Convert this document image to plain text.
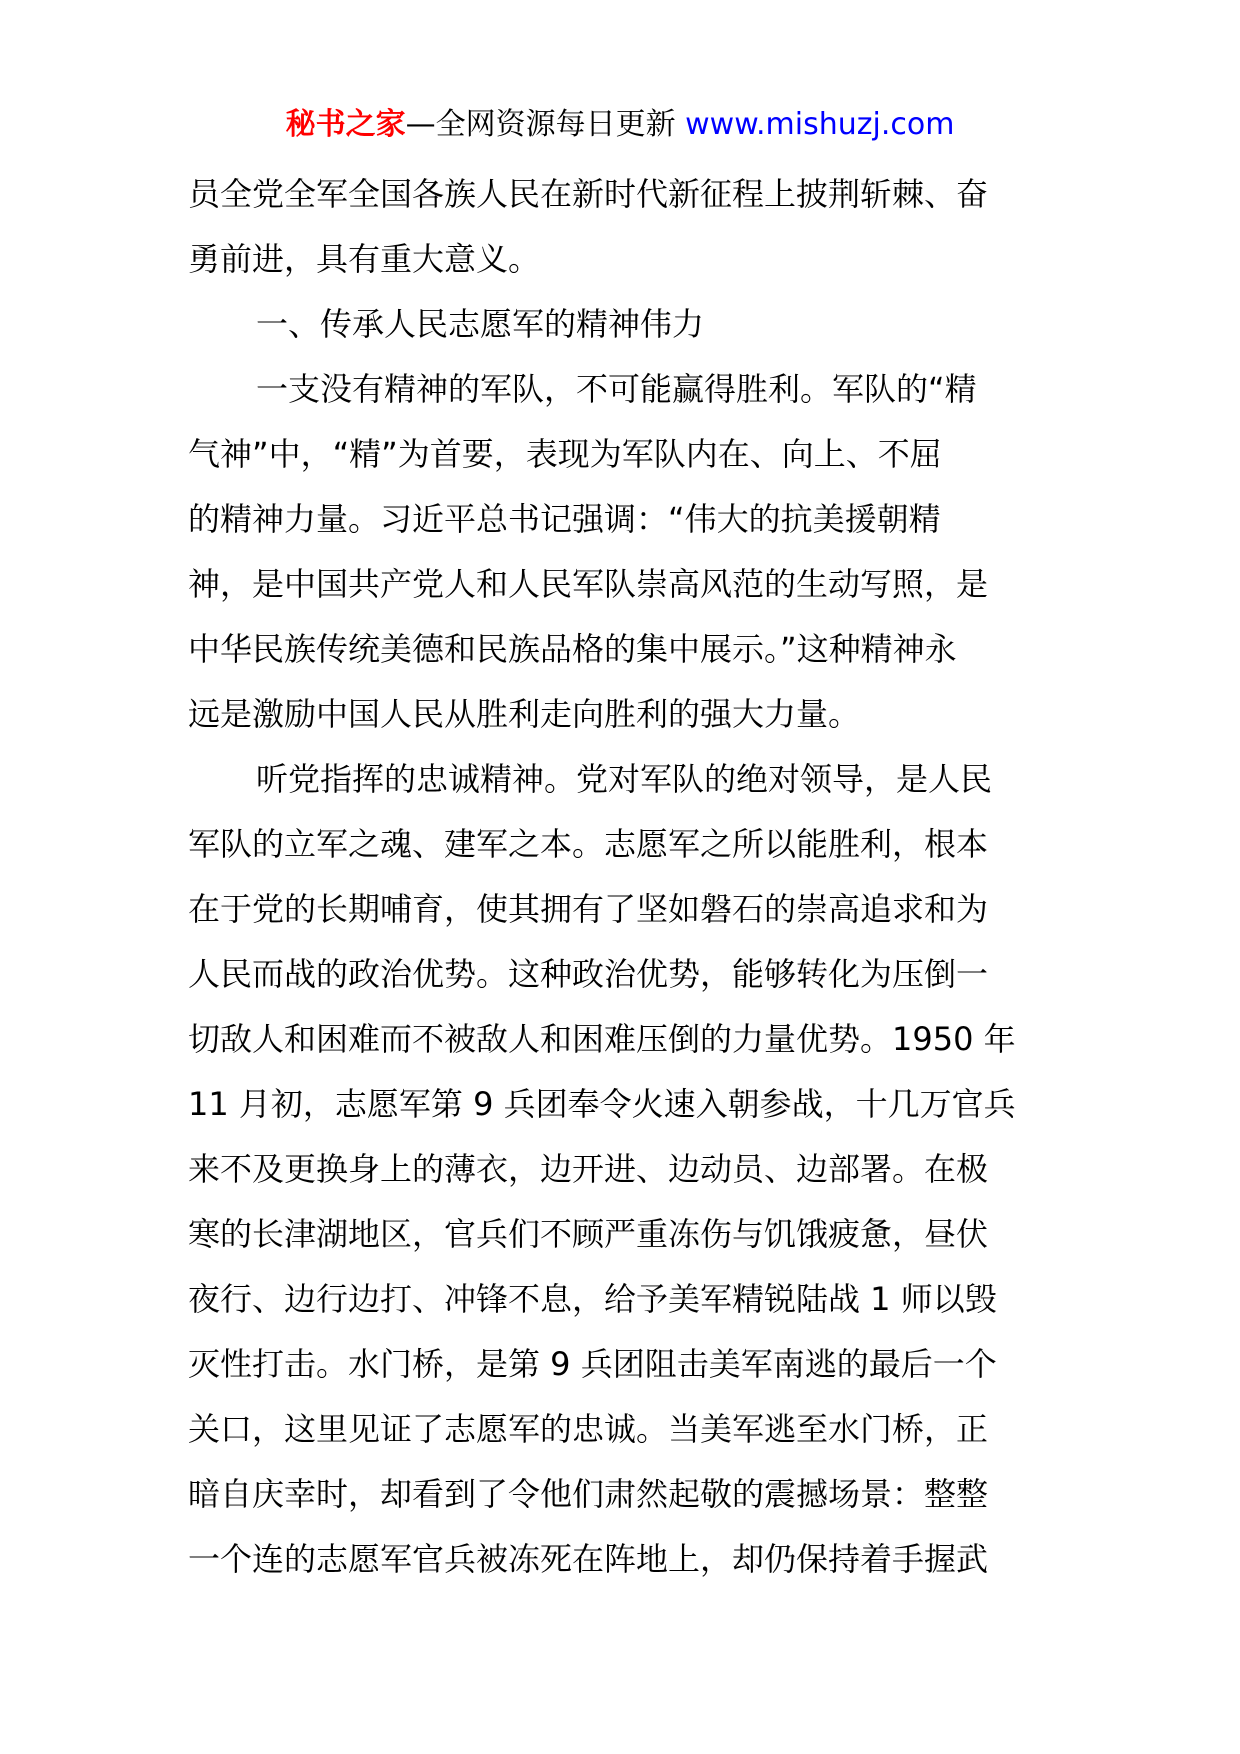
秘书之家—全网资源每日更新 www.mishuzj.com
员全党全军全国各族人民在新时代新征程上披荆斩棘、奋
勇前进，具有重大意义。
一、传承人民志愿军的精神伟力
一支没有精神的军队，不可能赢得胜利。军队的“精
气神”中，“精”为首要，表现为军队内在、向上、不屈
的精神力量。习近平总书记强调：“伟大的抗美援朝精
神，是中国共产党人和人民军队崇高风范的生动写照，是
中华民族传统美德和民族品格的集中展示。”这种精神永
远是激励中国人民从胜利走向胜利的强大力量。
听党指挥的忠诚精神。党对军队的绝对领导，是人民
军队的立军之魂、建军之本。志愿军之所以能胜利，根本
在于党的长期哺育，使其拥有了坚如磐石的崇高追求和为
人民而战的政治优势。这种政治优势，能够转化为压倒一
切敌人和困难而不被敌人和困难压倒的力量优势。1950 年
11 月初，志愿军第 9 兵团奉令火速入朝参战，十几万官兵
来不及更换身上的薄衣，边开进、边动员、边部署。在极
寒的长津湖地区，官兵们不顾严重冻伤与饥饿疲惫，昼伏
夜行、边行边打、冲锋不息，给予美军精锐陆战 1 师以毁
灭性打击。水门桥，是第 9 兵团阻击美军南逃的最后一个
关口，这里见证了志愿军的忠诚。当美军逃至水门桥，正
暗自庆幸时，却看到了令他们肃然起敬的震撼场景：整整
一个连的志愿军官兵被冻死在阵地上，却仍保持着手握武
